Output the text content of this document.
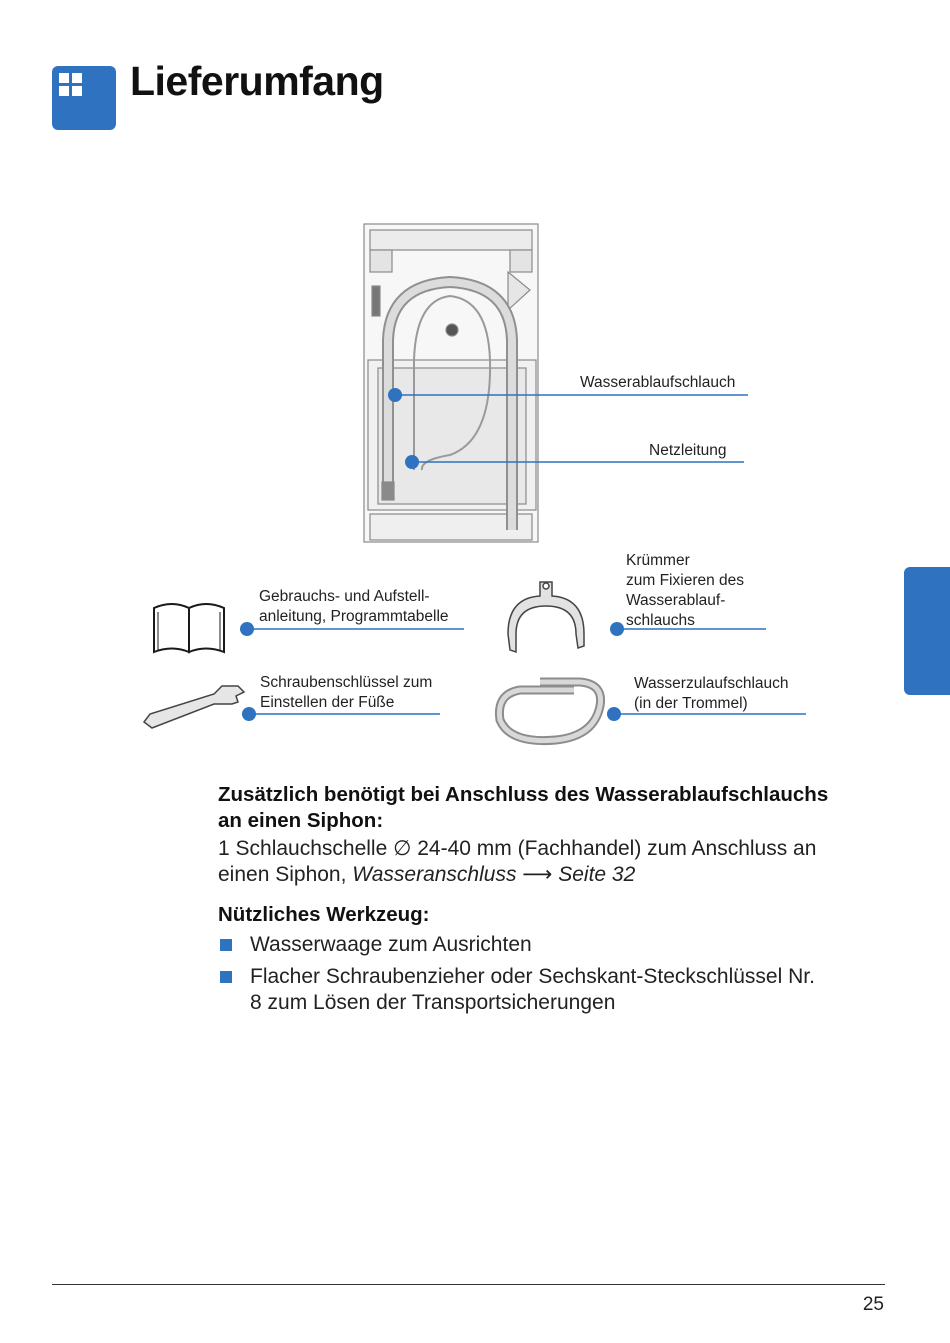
Lieferumfang
Wasserablaufschlauch
Netzleitung
Gebrauchs- und Aufstell-
anleitung, Programmtabelle
Krümmer
zum Fixieren des
Wasserablauf-
schlauchs
Schraubenschlüssel zum
Einstellen der Füße
Wasserzulaufschlauch
(in der Trommel)
Zusätzlich benötigt bei Anschluss des Wasserablaufschlauchs
an einen Siphon:
1 Schlauchschelle ∅ 24-40 mm (Fachhandel) zum Anschluss an
einen Siphon, Wasseranschluss ⟶ Seite 32
Nützliches Werkzeug:
Wasserwaage zum Ausrichten
Flacher Schraubenzieher oder Sechskant-Steckschlüssel Nr.
8 zum Lösen der Transportsicherungen
25
